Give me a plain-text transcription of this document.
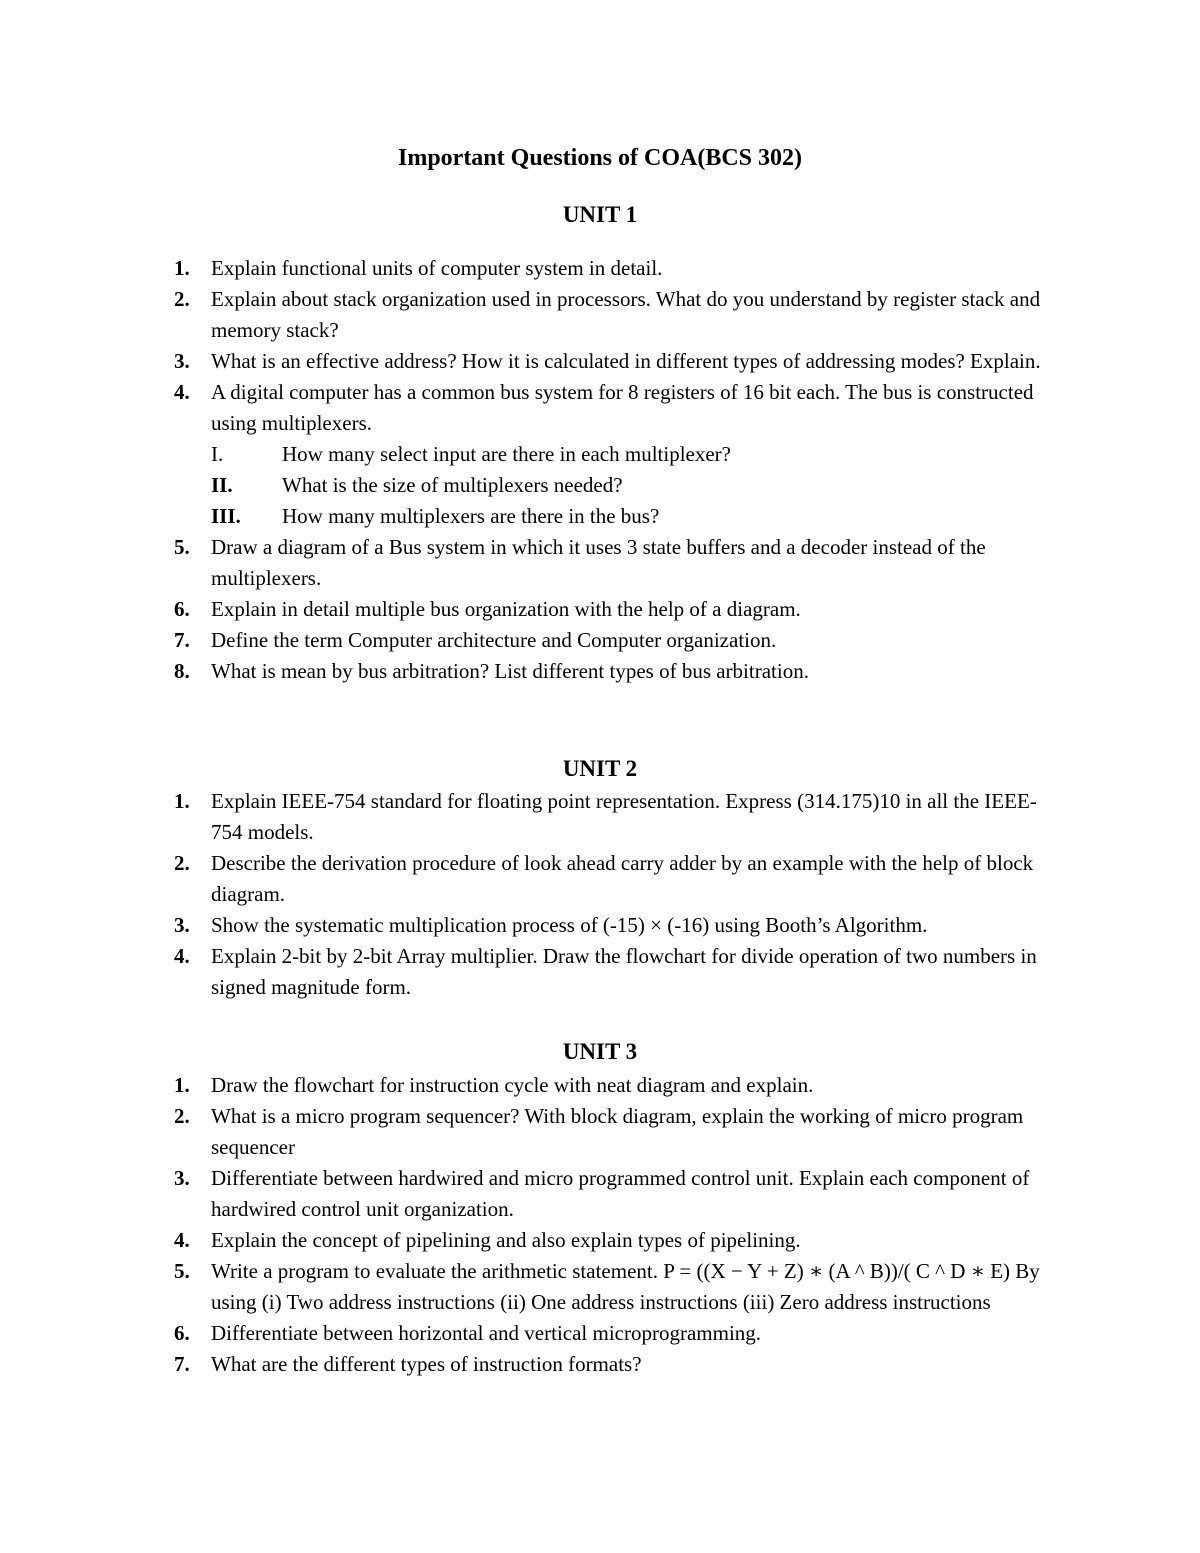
Important Questions of COA(BCS 302)
UNIT 1
1. Explain functional units of computer system in detail.
2. Explain about stack organization used in processors. What do you understand by register stack and memory stack?
3. What is an effective address? How it is calculated in different types of addressing modes? Explain.
4. A digital computer has a common bus system for 8 registers of 16 bit each. The bus is constructed using multiplexers.
I.	How many select input are there in each multiplexer?
II. What is the size of multiplexers needed?
III. How many multiplexers are there in the bus?
5. Draw a diagram of a Bus system in which it uses 3 state buffers and a decoder instead of the multiplexers.
6. Explain in detail multiple bus organization with the help of a diagram.
7. Define the term Computer architecture and Computer organization.
8. What is mean by bus arbitration? List different types of bus arbitration.
UNIT 2
1. Explain IEEE-754 standard for floating point representation. Express (314.175)10 in all the IEEE-754 models.
2. Describe the derivation procedure of look ahead carry adder by an example with the help of block diagram.
3. Show the systematic multiplication process of (-15) × (-16) using Booth’s Algorithm.
4. Explain 2-bit by 2-bit Array multiplier. Draw the flowchart for divide operation of two numbers in signed magnitude form.
UNIT 3
1. Draw the flowchart for instruction cycle with neat diagram and explain.
2. What is a micro program sequencer? With block diagram, explain the working of micro program sequencer
3. Differentiate between hardwired and micro programmed control unit. Explain each component of hardwired control unit organization.
4. Explain the concept of pipelining and also explain types of pipelining.
5. Write a program to evaluate the arithmetic statement. P = ((X − Y + Z) ∗ (A ^ B))/( C ^ D ∗ E) By using (i) Two address instructions (ii) One address instructions (iii) Zero address instructions
6. Differentiate between horizontal and vertical microprogramming.
7. What are the different types of instruction formats?
